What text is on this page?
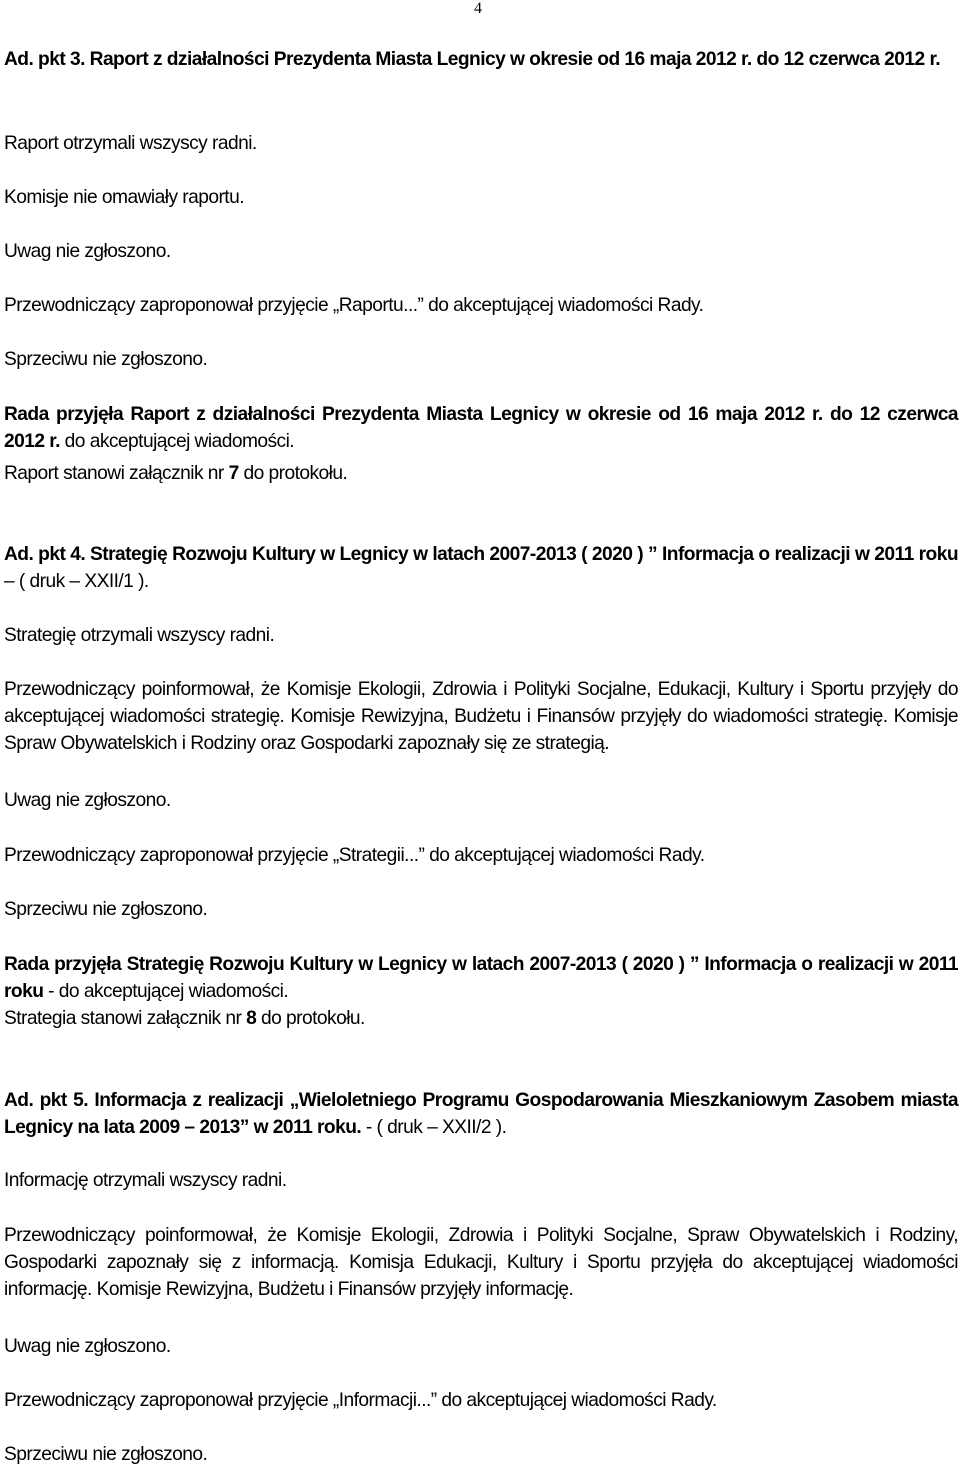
4
Ad. pkt 3. Raport z działalności Prezydenta Miasta Legnicy w okresie od 16 maja 2012 r. do 12 czerwca 2012 r.
Raport otrzymali wszyscy radni.
Komisje nie omawiały raportu.
Uwag nie zgłoszono.
Przewodniczący zaproponował przyjęcie „Raportu...” do akceptującej wiadomości Rady.
Sprzeciwu nie zgłoszono.
Rada przyjęła Raport z działalności Prezydenta Miasta Legnicy w okresie od 16 maja 2012 r. do 12 czerwca 2012 r. do akceptującej wiadomości.
Raport stanowi załącznik nr 7 do protokołu.
Ad. pkt 4. Strategię Rozwoju Kultury w Legnicy w latach 2007-2013 ( 2020 ) ” Informacja o realizacji w 2011 roku – ( druk – XXII/1 ).
Strategię otrzymali wszyscy radni.
Przewodniczący poinformował, że Komisje Ekologii, Zdrowia i Polityki Socjalne, Edukacji, Kultury i Sportu przyjęły do akceptującej wiadomości strategię. Komisje Rewizyjna, Budżetu i Finansów przyjęły do wiadomości strategię. Komisje Spraw Obywatelskich i Rodziny oraz Gospodarki zapoznały się ze strategią.
Uwag nie zgłoszono.
Przewodniczący zaproponował przyjęcie „Strategii...” do akceptującej wiadomości Rady.
Sprzeciwu nie zgłoszono.
Rada przyjęła Strategię Rozwoju Kultury w Legnicy w latach 2007-2013 ( 2020 ) ” Informacja o realizacji w 2011 roku - do akceptującej wiadomości.
Strategia stanowi załącznik nr 8 do protokołu.
Ad. pkt 5. Informacja z realizacji „Wieloletniego Programu Gospodarowania Mieszkaniowym Zasobem miasta Legnicy na lata 2009 – 2013” w 2011 roku. - ( druk – XXII/2 ).
Informację otrzymali wszyscy radni.
Przewodniczący poinformował, że Komisje Ekologii, Zdrowia i Polityki Socjalne, Spraw Obywatelskich i Rodziny, Gospodarki zapoznały się z informacją. Komisja Edukacji, Kultury i Sportu przyjęła do akceptującej wiadomości informację. Komisje Rewizyjna, Budżetu i Finansów przyjęły informację.
Uwag nie zgłoszono.
Przewodniczący zaproponował przyjęcie „Informacji...” do akceptującej wiadomości Rady.
Sprzeciwu nie zgłoszono.
